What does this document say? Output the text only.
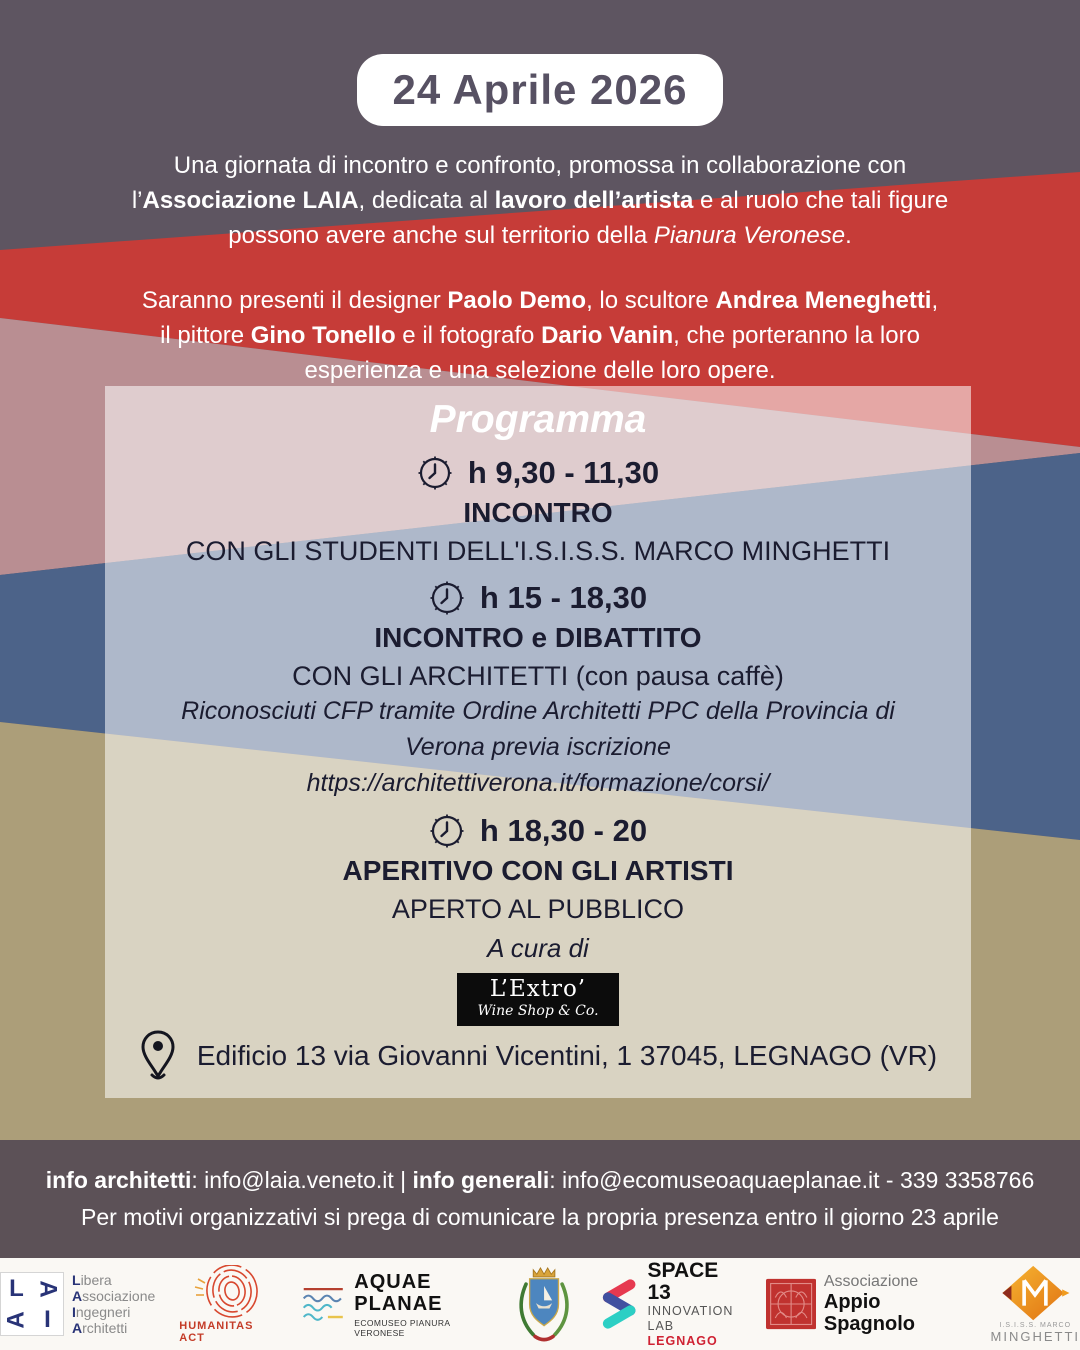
24 Aprile 2026
Una giornata di incontro e confronto, promossa in collaborazione con
l’Associazione LAIA, dedicata al lavoro dell’artista e al ruolo che tali figure
possono avere anche sul territorio della Pianura Veronese.
Saranno presenti il designer Paolo Demo, lo scultore Andrea Meneghetti,
il pittore Gino Tonello e il fotografo Dario Vanin, che porteranno la loro
esperienza e una selezione delle loro opere.
Programma
h 9,30 - 11,30
INCONTRO
CON GLI STUDENTI DELL'I.S.I.S.S. MARCO MINGHETTI
h 15 - 18,30
INCONTRO e DIBATTITO
CON GLI ARCHITETTI (con pausa caffè)
Riconosciuti CFP tramite Ordine Architetti PPC della Provincia di
Verona previa iscrizione
https://architettiverona.it/formazione/corsi/
h 18,30 - 20
APERITIVO CON GLI ARTISTI
APERTO AL PUBBLICO
A cura di
L’Extro’
Wine Shop & Co.
Edificio 13 via Giovanni Vicentini, 1 37045, LEGNAGO (VR)
info architetti: info@laia.veneto.it | info generali: info@ecomuseoaquaeplanae.it - 339 3358766
Per motivi organizzativi si prega di comunicare la propria presenza entro il giorno 23 aprile
L A
A I
Libera
Associazione
Ingegneri
Architetti	HUMANITAS ACT
AQUAE
PLANAE
ECOMUSEO PIANURA VERONESE
SPACE 13
INNOVATION
LAB LEGNAGO
Associazione
Appio Spagnolo	I.S.I.S.S. MARCO
MINGHETTI
